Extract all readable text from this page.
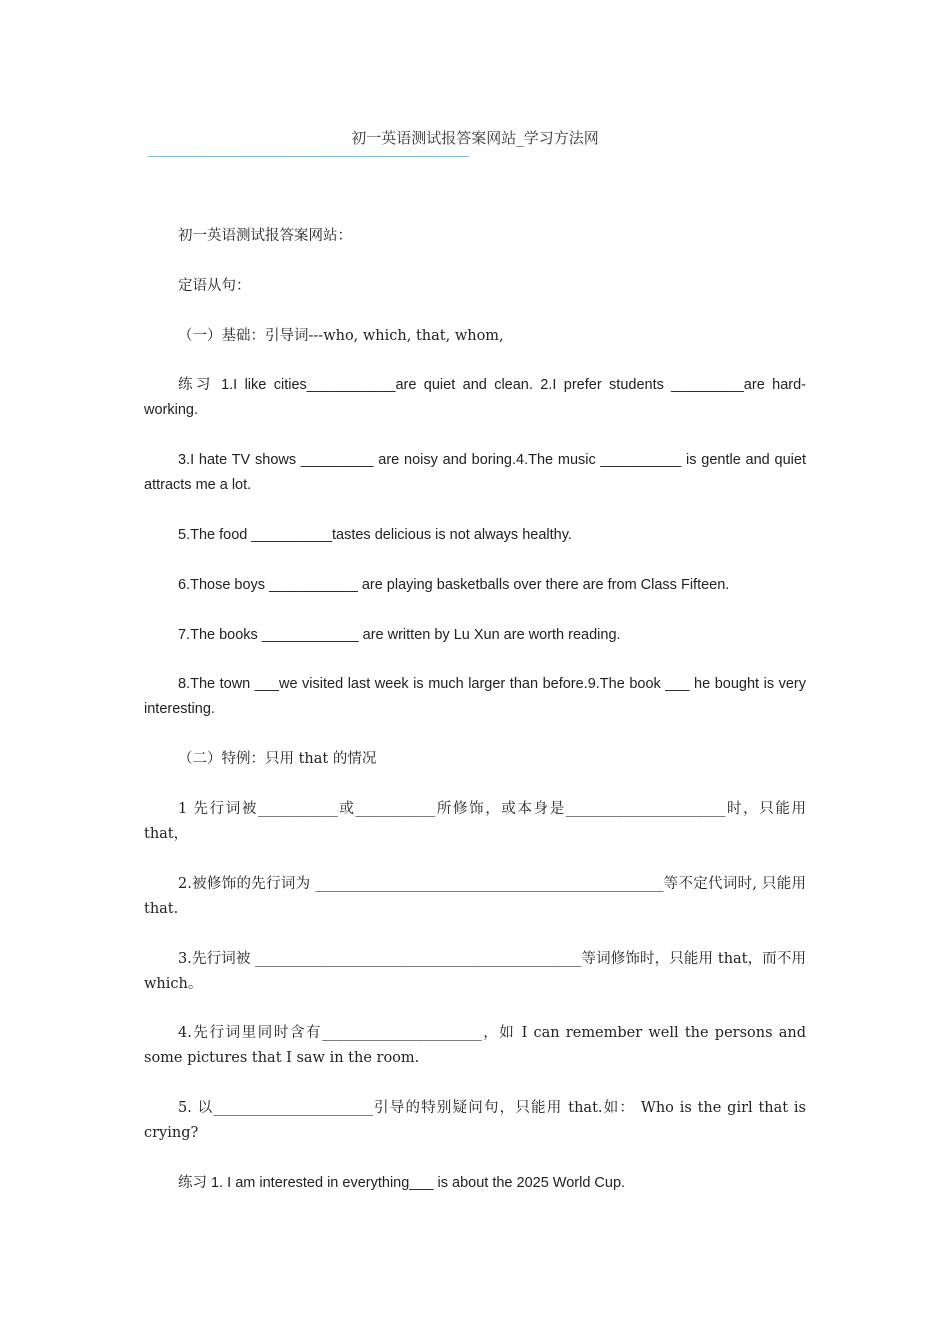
初一英语测试报答案网站_学习方法网
—————————————————————————————————————————

初一英语测试报答案网站：

定语从句：

（一）基础：引导词---who, which, that, whom,

练习 1.I like cities___________are quiet and clean. 2.I prefer students _________are hard-working.

3.I hate TV shows _________ are noisy and boring.4.The music __________ is gentle and quiet attracts me a lot.

5.The food __________tastes delicious is not always healthy.

6.Those boys ___________ are playing basketballs over there are from Class Fifteen.

7.The books ____________ are written by Lu Xun are worth reading.

8.The town ___we visited last week is much larger than before.9.The book ___ he bought is very interesting.

（二）特例：只用 that 的情况

1 先行词被___________或___________所修饰，或本身是______________________时，只能用 that，

2.被修饰的先行词为 ________________________________________________等不定代词时, 只能用 that.

3.先行词被 _____________________________________________等词修饰时，只能用 that，而不用 which。

4.先行词里同时含有______________________，如 I can remember well the persons and some pictures that I saw in the room.

5. 以______________________引导的特别疑问句，只能用 that.如： Who is the girl that is crying?

练习 1. I am interested in everything___ is about the 2025 World Cup.
